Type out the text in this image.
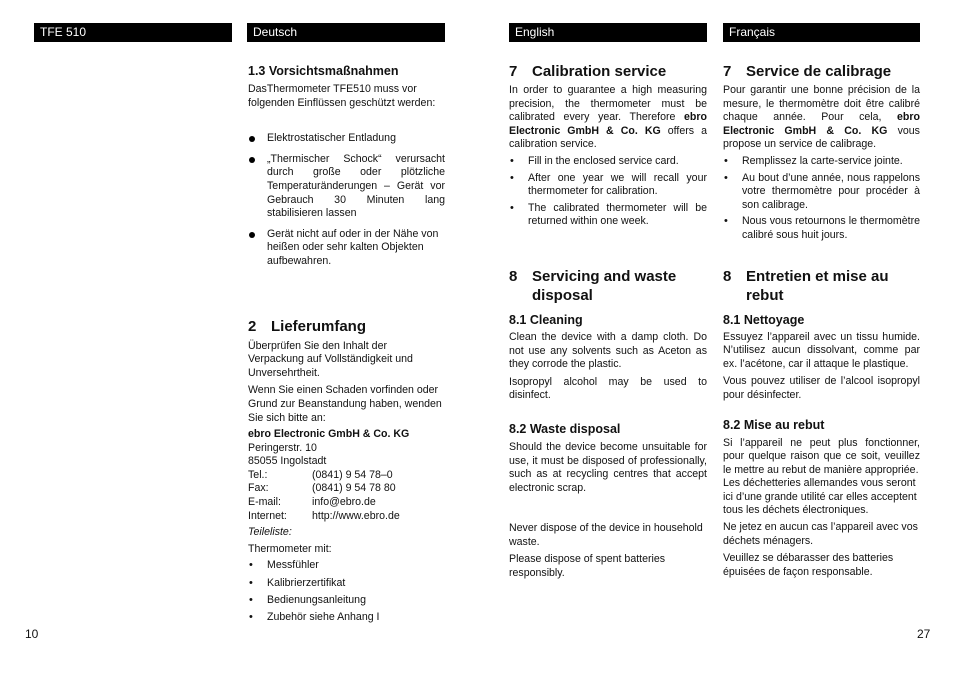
TFE 510	Deutsch	English	Français
1.3 Vorsichtsmaßnahmen

DasThermometer TFE510 muss vor folgenden Einflüssen geschützt werden:

Elektrostatischer Entladung
„Thermischer Schock“ verursacht durch große oder plötzliche Temperaturänderungen – Gerät vor Gebrauch 30 Minuten lang stabilisieren lassen
Gerät nicht auf oder in der Nähe von heißen oder sehr kalten Objekten aufbewahren.
2 Lieferumfang

Überprüfen Sie den Inhalt der Verpackung auf Vollständigkeit und Unversehrtheit.

Wenn Sie einen Schaden vorfinden oder Grund zur Beanstandung haben, wenden Sie sich bitte an:

ebro Electronic GmbH & Co. KG

Peringerstr. 10

85055 Ingolstadt

Tel.:	(0841) 9 54 78–0
Fax:	(0841) 9 54 78 80
E-mail:	info@ebro.de
Internet:	http://www.ebro.de

Teileliste:

Thermometer mit:

• Messfühler
• Kalibrierzertifikat
• Bedienungsanleitung
• Zubehör siehe Anhang I
7 Calibration service

In order to guarantee a high measuring precision, the thermometer must be calibrated every year. Therefore ebro Electronic GmbH & Co. KG offers a calibration service.

• Fill in the enclosed service card.
• After one year we will recall your thermometer for calibration.
• The calibrated thermometer will be returned within one week.
8 Servicing and waste disposal
8.1 Cleaning

Clean the device with a damp cloth. Do not use any solvents such as Aceton as they corrode the plastic.

Isopropyl alcohol may be used to disinfect.

8.2 Waste disposal

Should the device become unsuitable for use, it must be disposed of professionally, such as at recycling centres that accept electronic scrap.

Never dispose of the device in household waste.

Please dispose of spent batteries responsibly.

7 Service de calibrage

Pour garantir une bonne précision de la mesure, le thermomètre doit être calibré chaque année. Pour cela, ebro Electronic GmbH & Co. KG vous propose un service de calibrage.

• Remplissez la carte-service jointe.
• Au bout d’une année, nous rappelons votre thermomètre pour procéder à son calibrage.
• Nous vous retournons le thermomètre calibré sous huit jours.
8 Entretien et mise au rebut
8.1 Nettoyage

Essuyez l’appareil avec un tissu humide. N’utilisez aucun dissolvant, comme par ex. l’acétone, car il attaque le plastique.

Vous pouvez utiliser de l’alcool isopropyl pour désinfecter.

8.2 Mise au rebut

Si l’appareil ne peut plus fonctionner, pour quelque raison que ce soit, veuillez le mettre au rebut de manière appropriée.

Les déchetteries allemandes vous seront ici d’une grande utilité car elles acceptent tous les déchets électroniques.

Ne jetez en aucun cas l’appareil avec vos déchets ménagers.

Veuillez se débarasser des batteries épuisées de façon responsable.

10	27
